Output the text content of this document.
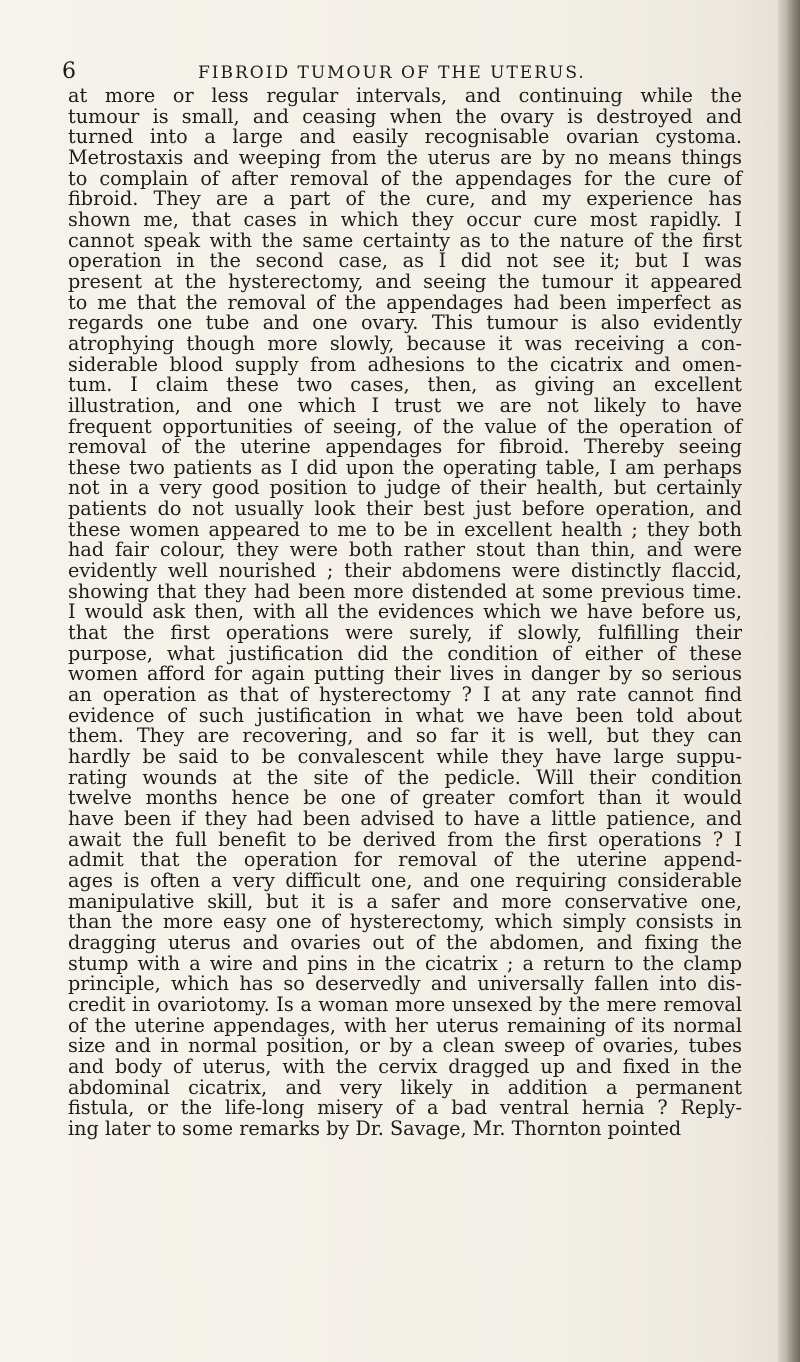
6	FIBROID TUMOUR OF THE UTERUS.
at more or less regular intervals, and continuing while the
tumour is small, and ceasing when the ovary is destroyed and
turned into a large and easily recognisable ovarian cystoma.
Metrostaxis and weeping from the uterus are by no means things
to complain of after removal of the appendages for the cure of
fibroid. They are a part of the cure, and my experience has
shown me, that cases in which they occur cure most rapidly. I
cannot speak with the same certainty as to the nature of the first
operation in the second case, as I did not see it; but I was
present at the hysterectomy, and seeing the tumour it appeared
to me that the removal of the appendages had been imperfect as
regards one tube and one ovary. This tumour is also evidently
atrophying though more slowly, because it was receiving a con-
siderable blood supply from adhesions to the cicatrix and omen-
tum. I claim these two cases, then, as giving an excellent
illustration, and one which I trust we are not likely to have
frequent opportunities of seeing, of the value of the operation of
removal of the uterine appendages for fibroid. Thereby seeing
these two patients as I did upon the operating table, I am perhaps
not in a very good position to judge of their health, but certainly
patients do not usually look their best just before operation, and
these women appeared to me to be in excellent health ; they both
had fair colour, they were both rather stout than thin, and were
evidently well nourished ; their abdomens were distinctly flaccid,
showing that they had been more distended at some previous time.
I would ask then, with all the evidences which we have before us,
that the first operations were surely, if slowly, fulfilling their
purpose, what justification did the condition of either of these
women afford for again putting their lives in danger by so serious
an operation as that of hysterectomy ? I at any rate cannot find
evidence of such justification in what we have been told about
them. They are recovering, and so far it is well, but they can
hardly be said to be convalescent while they have large suppu-
rating wounds at the site of the pedicle. Will their condition
twelve months hence be one of greater comfort than it would
have been if they had been advised to have a little patience, and
await the full benefit to be derived from the first operations ? I
admit that the operation for removal of the uterine append-
ages is often a very difficult one, and one requiring considerable
manipulative skill, but it is a safer and more conservative one,
than the more easy one of hysterectomy, which simply consists in
dragging uterus and ovaries out of the abdomen, and fixing the
stump with a wire and pins in the cicatrix ; a return to the clamp
principle, which has so deservedly and universally fallen into dis-
credit in ovariotomy. Is a woman more unsexed by the mere removal
of the uterine appendages, with her uterus remaining of its normal
size and in normal position, or by a clean sweep of ovaries, tubes
and body of uterus, with the cervix dragged up and fixed in the
abdominal cicatrix, and very likely in addition a permanent
fistula, or the life-long misery of a bad ventral hernia ? Reply-
ing later to some remarks by Dr. Savage, Mr. Thornton pointed
